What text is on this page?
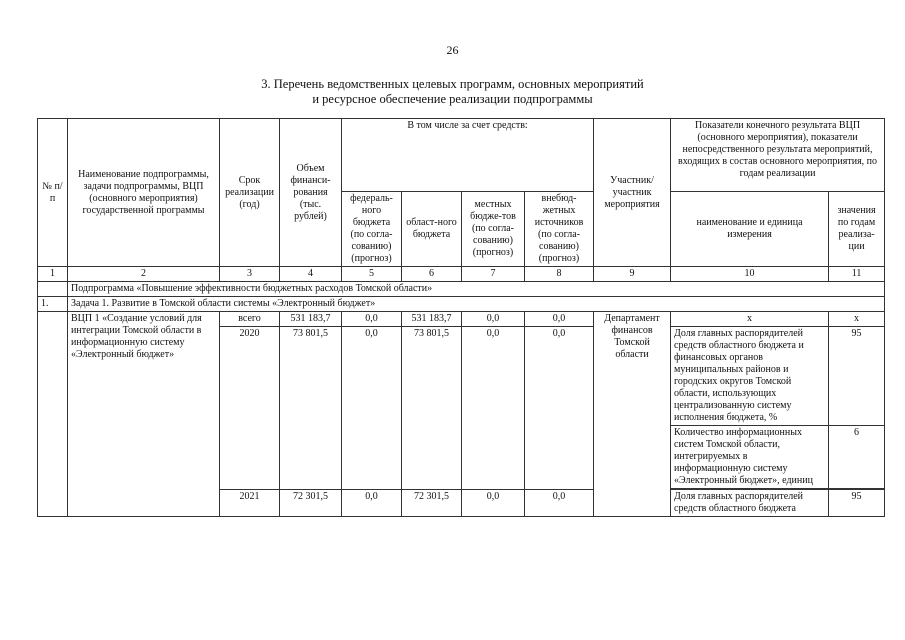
26
3. Перечень ведомственных целевых программ, основных мероприятий
и ресурсное обеспечение реализации подпрограммы
№ п/п	Наименование подпрограммы, задачи подпрограммы, ВЦП (основного мероприятия) государственной программы	Срок реализации (год)	Объем финанси-рования (тыс. рублей)	В том числе за счет средств:				Участник/ участник мероприятия	Показатели конечного результата ВЦП (основного мероприятия), показатели непосредственного результата мероприятий, входящих в состав основного мероприятия, по годам реализации	
				федераль-ного бюджета (по согла-сованию) (прогноз)	област-ного бюджета	местных бюдже-тов (по согла-сованию) (прогноз)	внебюд-жетных источников (по согла-сованию) (прогноз)		наименование и единица измерения	значения по годам реализа-ции
1	2	3	4	5	6	7	8	9	10	11
	Подпрограмма «Повышение эффективности бюджетных расходов Томской области»									
1.	Задача 1. Развитие в Томской области системы «Электронный бюджет»									
	ВЦП 1 «Создание условий для интеграции Томской области в информационную систему «Электронный бюджет»	всего	531 183,7	0,0	531 183,7	0,0	0,0	Департамент финансов Томской области	х	х
		2020	73 801,5	0,0	73 801,5	0,0	0,0		Доля главных распорядителей средств областного бюджета и финансовых органов муниципальных районов и городских округов Томской области, использующих централизованную систему исполнения бюджета, %	95
									Количество информационных систем Томской области, интегрируемых в информационную систему «Электронный бюджет», единиц	6

		2021	72 301,5	0,0	72 301,5	0,0	0,0		Доля главных распорядителей средств областного бюджета	95
